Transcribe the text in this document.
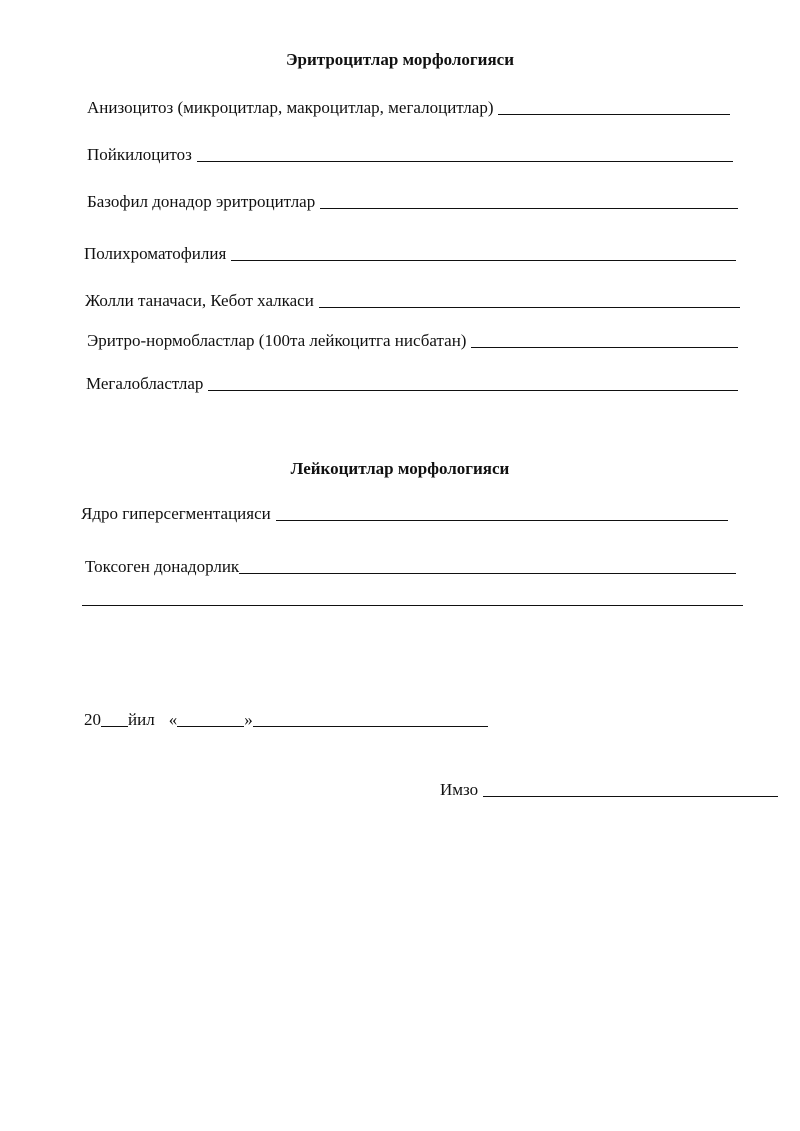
Эритроцитлар морфологияси
Анизоцитоз (микроцитлар, макроцитлар, мегалоцитлар)
Пойкилоцитоз
Базофил донадор эритроцитлар
Полихроматофилия
Жолли таначаси, Кебот халкаси
Эритро-нормобластлар (100та лейкоцитга нисбатан)
Мегалобластлар
Лейкоцитлар морфологияси
Ядро гиперсегментацияси
Токсоген донадорлик
20 йил «	»
Имзо
